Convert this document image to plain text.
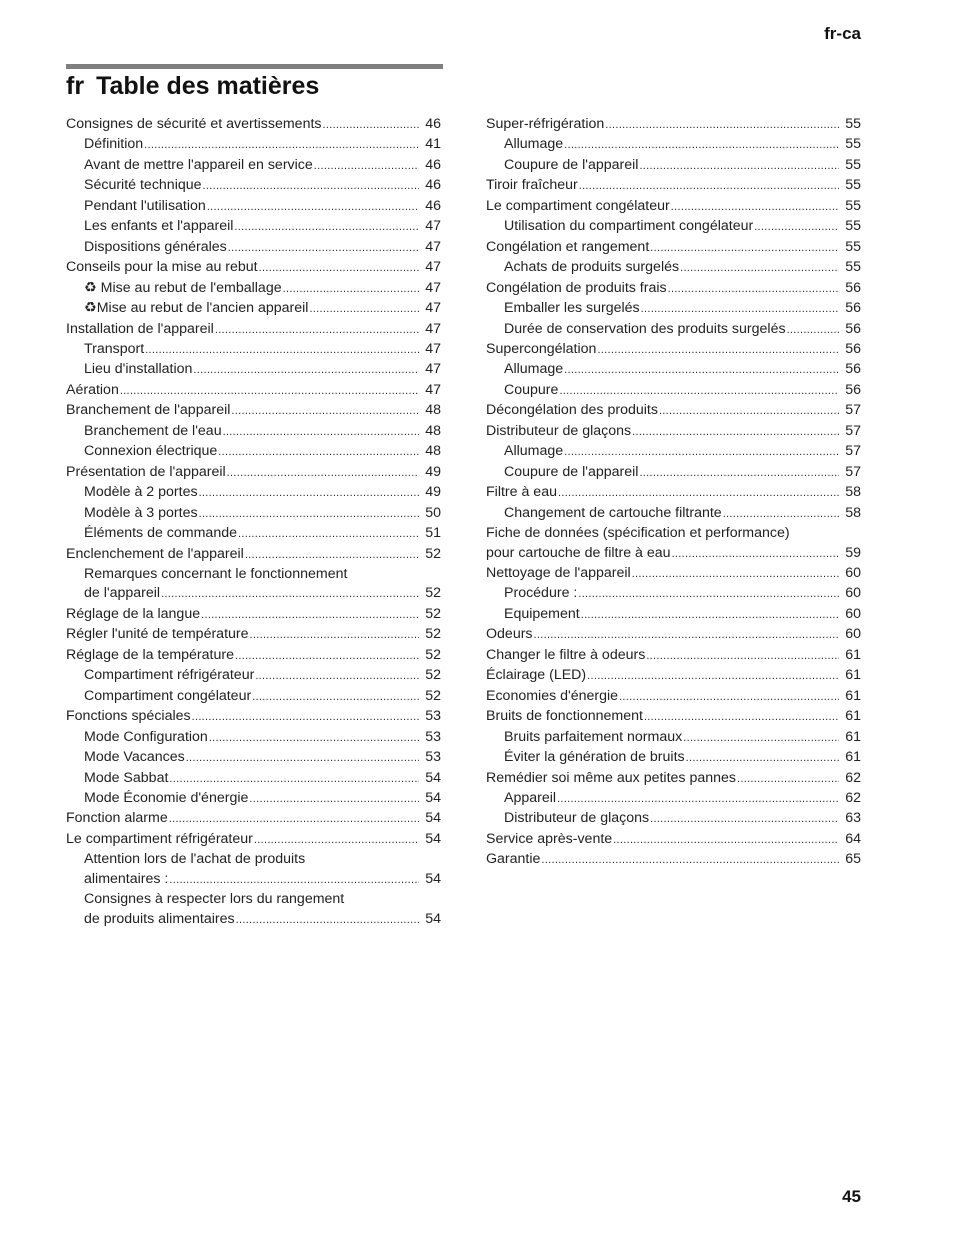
fr-ca
fr Table des matières
Consignes de sécurité et avertissements .....	46
Définition .....	41
Avant de mettre l'appareil en service .....	46
Sécurité technique .....	46
Pendant l'utilisation .....	46
Les enfants et l'appareil .....	47
Dispositions générales .....	47
Conseils pour la mise au rebut .....	47
♻ Mise au rebut de l'emballage .....	47
♻Mise au rebut de l'ancien appareil .....	47
Installation de l'appareil .....	47
Transport .....	47
Lieu d'installation .....	47
Aération .....	47
Branchement de l'appareil .....	48
Branchement de l'eau .....	48
Connexion électrique .....	48
Présentation de l'appareil .....	49
Modèle à 2 portes .....	49
Modèle à 3 portes .....	50
Éléments de commande .....	51
Enclenchement de l'appareil .....	52
Remarques concernant le fonctionnement
de l'appareil .....	52
Réglage de la langue .....	52
Régler l'unité de température .....	52
Réglage de la température .....	52
Compartiment réfrigérateur .....	52
Compartiment congélateur .....	52
Fonctions spéciales .....	53
Mode Configuration .....	53
Mode Vacances .....	53
Mode Sabbat .....	54
Mode Économie d'énergie .....	54
Fonction alarme .....	54
Le compartiment réfrigérateur .....	54
Attention lors de l'achat de produits
alimentaires : .....	54
Consignes à respecter lors du rangement
de produits alimentaires .....	54
Super-réfrigération .....	55
Allumage .....	55
Coupure de l'appareil .....	55
Tiroir fraîcheur .....	55
Le compartiment congélateur .....	55
Utilisation du compartiment congélateur .....	55
Congélation et rangement .....	55
Achats de produits surgelés .....	55
Congélation de produits frais .....	56
Emballer les surgelés .....	56
Durée de conservation des produits surgelés .....	56
Supercongélation .....	56
Allumage .....	56
Coupure .....	56
Décongélation des produits .....	57
Distributeur de glaçons .....	57
Allumage .....	57
Coupure de l'appareil .....	57
Filtre à eau .....	58
Changement de cartouche filtrante .....	58
Fiche de données (spécification et performance)
pour cartouche de filtre à eau .....	59
Nettoyage de l'appareil .....	60
Procédure : .....	60
Equipement .....	60
Odeurs .....	60
Changer le filtre à odeurs .....	61
Éclairage (LED) .....	61
Economies d'énergie .....	61
Bruits de fonctionnement .....	61
Bruits parfaitement normaux .....	61
Éviter la génération de bruits .....	61
Remédier soi même aux petites pannes .....	62
Appareil .....	62
Distributeur de glaçons .....	63
Service après-vente .....	64
Garantie .....	65
45
